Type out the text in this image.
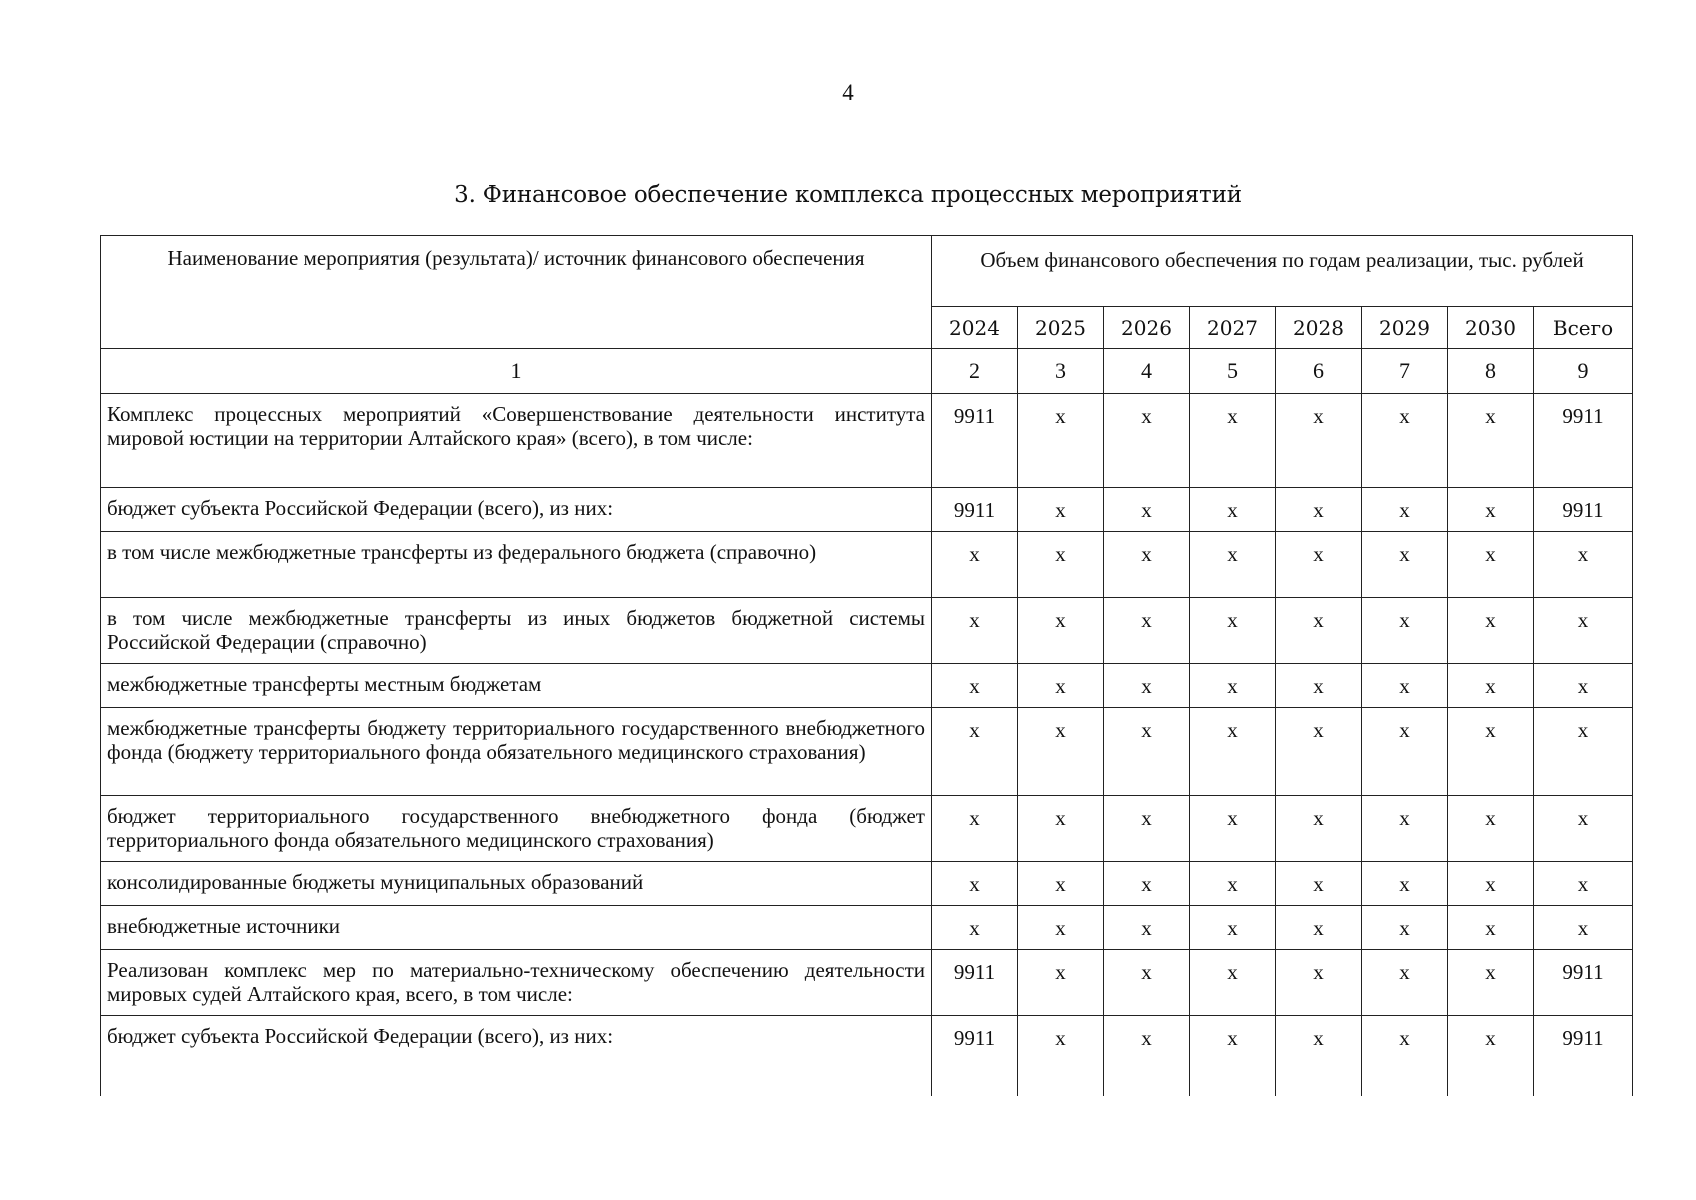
4
3. Финансовое обеспечение комплекса процессных мероприятий
Наименование мероприятия (результата)/ источник финансового обеспечения	Объем финансового обеспечения по годам реализации, тыс. рублей							
	2024	2025	2026	2027	2028	2029	2030	Всего
1	2	3	4	5	6	7	8	9
Комплекс процессных мероприятий «Совершенствование деятельности института мировой юстиции на территории Алтайского края» (всего), в том числе:	9911	x	x	x	x	x	x	9911
бюджет субъекта Российской Федерации (всего), из них:	9911	x	x	x	x	x	x	9911
в том числе межбюджетные трансферты из федерального бюджета (справочно)	x	x	x	x	x	x	x	x
в том числе межбюджетные трансферты из иных бюджетов бюджетной системы Российской Федерации (справочно)	x	x	x	x	x	x	x	x
межбюджетные трансферты местным бюджетам	x	x	x	x	x	x	x	x
межбюджетные трансферты бюджету территориального государственного внебюджетного фонда (бюджету территориального фонда обязательного медицинского страхования)	x	x	x	x	x	x	x	x
бюджет территориального государственного внебюджетного фонда (бюджет территориального фонда обязательного медицинского страхования)	x	x	x	x	x	x	x	x
консолидированные бюджеты муниципальных образований	x	x	x	x	x	x	x	x
внебюджетные источники	x	x	x	x	x	x	x	x
Реализован комплекс мер по материально-техническому обеспечению деятельности мировых судей Алтайского края, всего, в том числе:	9911	x	x	x	x	x	x	9911
бюджет субъекта Российской Федерации (всего), из них:	9911	x	x	x	x	x	x	9911
